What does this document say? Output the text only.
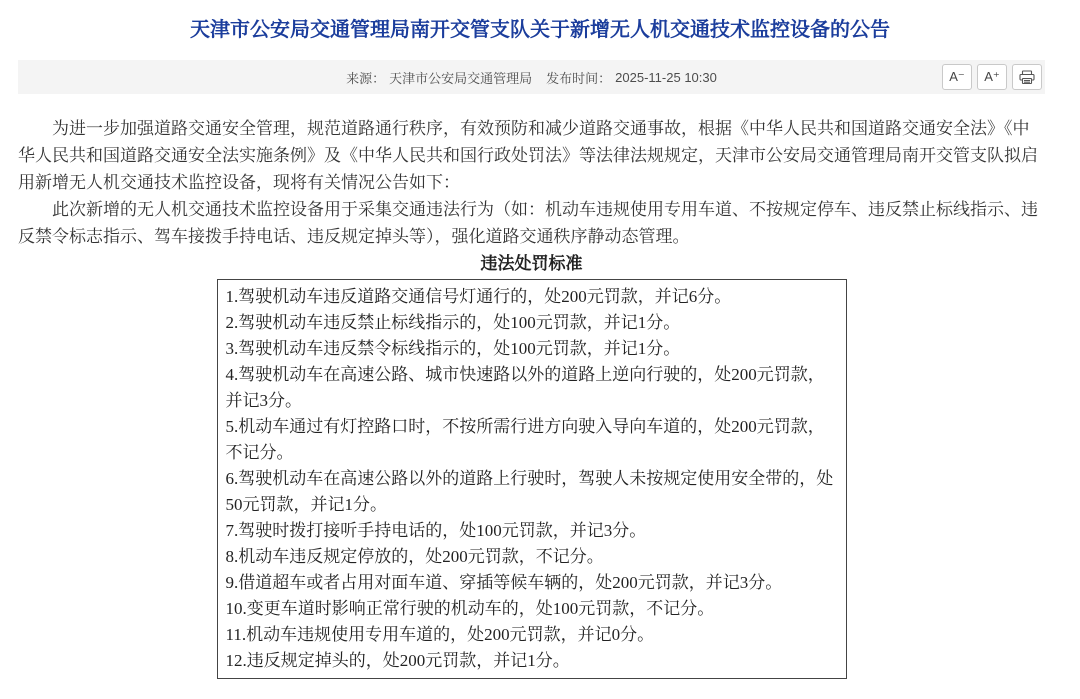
天津市公安局交通管理局南开交管支队关于新增无人机交通技术监控设备的公告
来源： 天津市公安局交通管理局 发布时间： 2025-11-25 10:30	A⁻	A⁺

为进一步加强道路交通安全管理，规范道路通行秩序，有效预防和减少道路交通事故，根据《中华人民共和国道路交通安全法》《中华人民共和国道路交通安全法实施条例》及《中华人民共和国行政处罚法》等法律法规规定，天津市公安局交通管理局南开交管支队拟启用新增无人机交通技术监控设备，现将有关情况公告如下：

此次新增的无人机交通技术监控设备用于采集交通违法行为（如：机动车违规使用专用车道、不按规定停车、违反禁止标线指示、违反禁令标志指示、驾车接拨手持电话、违反规定掉头等），强化道路交通秩序静动态管理。

违法处罚标准
1.驾驶机动车违反道路交通信号灯通行的，处200元罚款，并记6分。
2.驾驶机动车违反禁止标线指示的，处100元罚款，并记1分。
3.驾驶机动车违反禁令标线指示的，处100元罚款，并记1分。
4.驾驶机动车在高速公路、城市快速路以外的道路上逆向行驶的，处200元罚款，并记3分。
5.机动车通过有灯控路口时，不按所需行进方向驶入导向车道的，处200元罚款，不记分。
6.驾驶机动车在高速公路以外的道路上行驶时，驾驶人未按规定使用安全带的，处50元罚款，并记1分。
7.驾驶时拨打接听手持电话的，处100元罚款，并记3分。
8.机动车违反规定停放的，处200元罚款，不记分。
9.借道超车或者占用对面车道、穿插等候车辆的，处200元罚款，并记3分。
10.变更车道时影响正常行驶的机动车的，处100元罚款，不记分。
11.机动车违规使用专用车道的，处200元罚款，并记0分。
12.违反规定掉头的，处200元罚款，并记1分。
